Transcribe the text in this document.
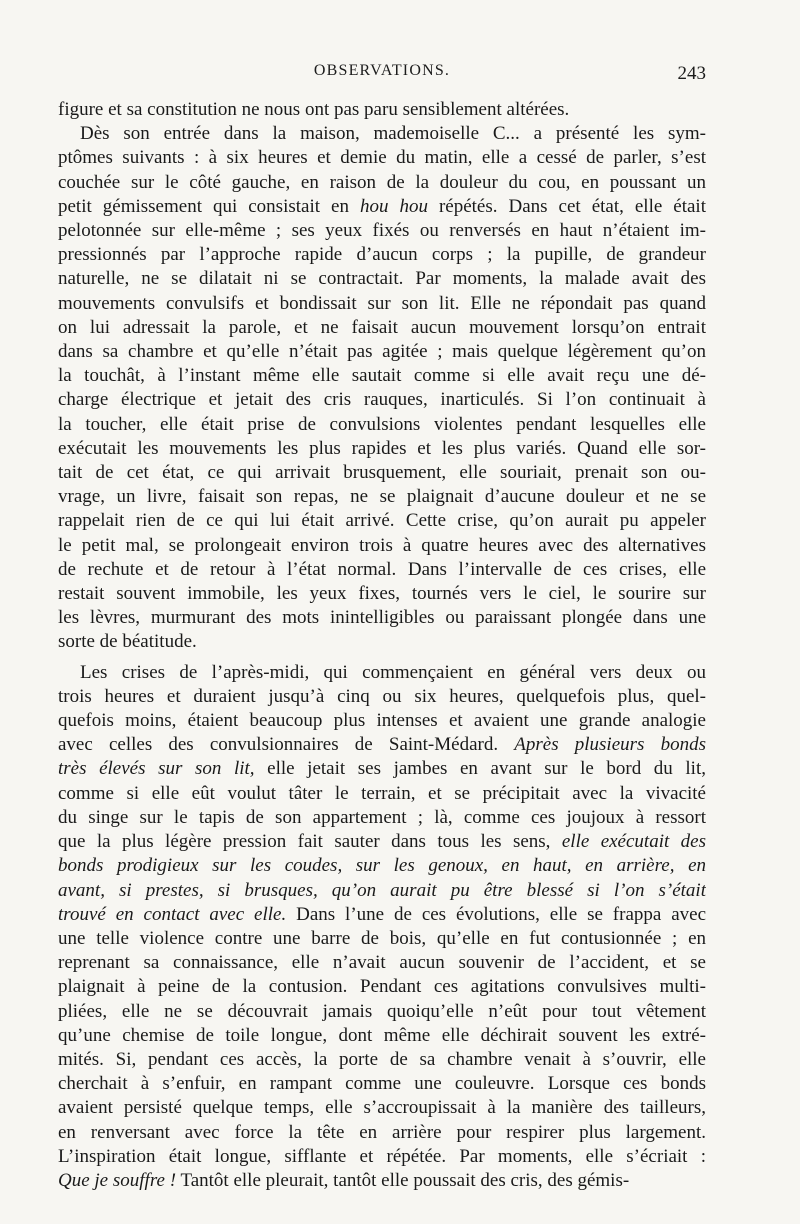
OBSERVATIONS.	243
figure et sa constitution ne nous ont pas paru sensiblement altérées.
Dès son entrée dans la maison, mademoiselle C... a présenté les sym-
ptômes suivants : à six heures et demie du matin, elle a cessé de parler, s’est
couchée sur le côté gauche, en raison de la douleur du cou, en poussant un
petit gémissement qui consistait en hou hou répétés. Dans cet état, elle était
pelotonnée sur elle-même ; ses yeux fixés ou renversés en haut n’étaient im-
pressionnés par l’approche rapide d’aucun corps ; la pupille, de grandeur
naturelle, ne se dilatait ni se contractait. Par moments, la malade avait des
mouvements convulsifs et bondissait sur son lit. Elle ne répondait pas quand
on lui adressait la parole, et ne faisait aucun mouvement lorsqu’on entrait
dans sa chambre et qu’elle n’était pas agitée ; mais quelque légèrement qu’on
la touchât, à l’instant même elle sautait comme si elle avait reçu une dé-
charge électrique et jetait des cris rauques, inarticulés. Si l’on continuait à
la toucher, elle était prise de convulsions violentes pendant lesquelles elle
exécutait les mouvements les plus rapides et les plus variés. Quand elle sor-
tait de cet état, ce qui arrivait brusquement, elle souriait, prenait son ou-
vrage, un livre, faisait son repas, ne se plaignait d’aucune douleur et ne se
rappelait rien de ce qui lui était arrivé. Cette crise, qu’on aurait pu appeler
le petit mal, se prolongeait environ trois à quatre heures avec des alternatives
de rechute et de retour à l’état normal. Dans l’intervalle de ces crises, elle
restait souvent immobile, les yeux fixes, tournés vers le ciel, le sourire sur
les lèvres, murmurant des mots inintelligibles ou paraissant plongée dans une
sorte de béatitude.
Les crises de l’après-midi, qui commençaient en général vers deux ou
trois heures et duraient jusqu’à cinq ou six heures, quelquefois plus, quel-
quefois moins, étaient beaucoup plus intenses et avaient une grande analogie
avec celles des convulsionnaires de Saint-Médard. Après plusieurs bonds
très élevés sur son lit, elle jetait ses jambes en avant sur le bord du lit,
comme si elle eût voulut tâter le terrain, et se précipitait avec la vivacité
du singe sur le tapis de son appartement ; là, comme ces joujoux à ressort
que la plus légère pression fait sauter dans tous les sens, elle exécutait des
bonds prodigieux sur les coudes, sur les genoux, en haut, en arrière, en
avant, si prestes, si brusques, qu’on aurait pu être blessé si l’on s’était
trouvé en contact avec elle. Dans l’une de ces évolutions, elle se frappa avec
une telle violence contre une barre de bois, qu’elle en fut contusionnée ; en
reprenant sa connaissance, elle n’avait aucun souvenir de l’accident, et se
plaignait à peine de la contusion. Pendant ces agitations convulsives multi-
pliées, elle ne se découvrait jamais quoiqu’elle n’eût pour tout vêtement
qu’une chemise de toile longue, dont même elle déchirait souvent les extré-
mités. Si, pendant ces accès, la porte de sa chambre venait à s’ouvrir, elle
cherchait à s’enfuir, en rampant comme une couleuvre. Lorsque ces bonds
avaient persisté quelque temps, elle s’accroupissait à la manière des tailleurs,
en renversant avec force la tête en arrière pour respirer plus largement.
L’inspiration était longue, sifflante et répétée. Par moments, elle s’écriait :
Que je souffre ! Tantôt elle pleurait, tantôt elle poussait des cris, des gémis-
